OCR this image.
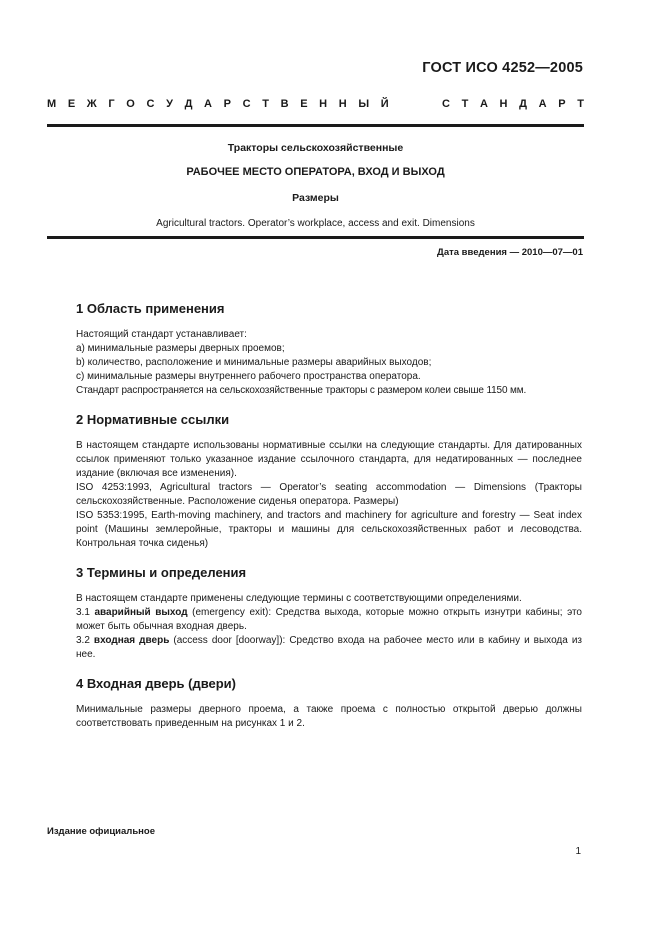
ГОСТ ИСО 4252—2005
М Е Ж Г О С У Д А Р С Т В Е Н Н Ы Й	С Т А Н Д А Р Т
Тракторы сельскохозяйственные
РАБОЧЕЕ МЕСТО ОПЕРАТОРА, ВХОД И ВЫХОД
Размеры
Agricultural tractors. Operator’s workplace, access and exit. Dimensions
Дата введения — 2010—07—01
1 Область применения

Настоящий стандарт устанавливает:

а) минимальные размеры дверных проемов;

b) количество, расположение и минимальные размеры аварийных выходов;

с) минимальные размеры внутреннего рабочего пространства оператора.

Стандарт распространяется на сельскохозяйственные тракторы с размером колеи свыше 1150 мм.

2 Нормативные ссылки

В настоящем стандарте использованы нормативные ссылки на следующие стандарты. Для датированных ссылок применяют только указанное издание ссылочного стандарта, для недатированных — последнее издание (включая все изменения).

ISO 4253:1993, Agricultural tractors — Operator’s seating accommodation — Dimensions (Тракторы сельскохозяйственные. Расположение сиденья оператора. Размеры)

ISO 5353:1995, Earth-moving machinery, and tractors and machinery for agriculture and forestry — Seat index point (Машины землеройные, тракторы и машины для сельскохозяйственных работ и лесоводства. Контрольная точка сиденья)

3 Термины и определения

В настоящем стандарте применены следующие термины с соответствующими определениями.

3.1 аварийный выход (emergency exit): Средства выхода, которые можно открыть изнутри кабины; это может быть обычная входная дверь.

3.2 входная дверь (access door [doorway]): Средство входа на рабочее место или в кабину и выхода из нее.

4 Входная дверь (двери)

Минимальные размеры дверного проема, а также проема с полностью открытой дверью должны соответствовать приведенным на рисунках 1 и 2.

Издание официальное
1
